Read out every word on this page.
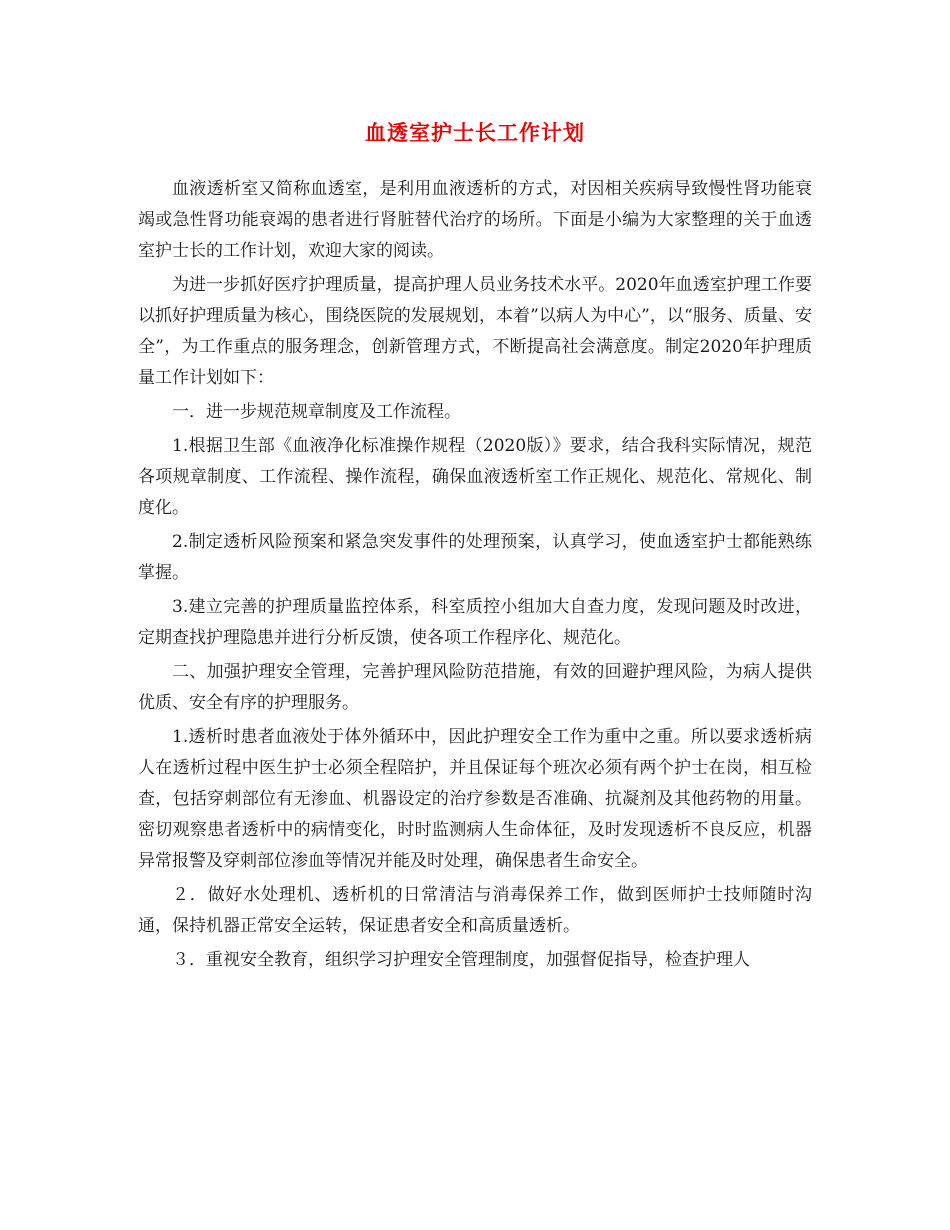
血透室护士长工作计划

血液透析室又简称血透室，是利用血液透析的方式，对因相关疾病导致慢性肾功能衰竭或急性肾功能衰竭的患者进行肾脏替代治疗的场所。下面是小编为大家整理的关于血透室护士长的工作计划，欢迎大家的阅读。

为进一步抓好医疗护理质量，提高护理人员业务技术水平。2020年血透室护理工作要以抓好护理质量为核心，围绕医院的发展规划，本着”以病人为中心”，以“服务、质量、安全”，为工作重点的服务理念，创新管理方式，不断提高社会满意度。制定2020年护理质量工作计划如下：

一．进一步规范规章制度及工作流程。

1.根据卫生部《血液净化标准操作规程（2020版）》要求，结合我科实际情况，规范各项规章制度、工作流程、操作流程，确保血液透析室工作正规化、规范化、常规化、制度化。

2.制定透析风险预案和紧急突发事件的处理预案，认真学习，使血透室护士都能熟练掌握。

3.建立完善的护理质量监控体系，科室质控小组加大自查力度，发现问题及时改进，定期查找护理隐患并进行分析反馈，使各项工作程序化、规范化。

二、加强护理安全管理，完善护理风险防范措施，有效的回避护理风险，为病人提供优质、安全有序的护理服务。

1.透析时患者血液处于体外循环中，因此护理安全工作为重中之重。所以要求透析病人在透析过程中医生护士必须全程陪护，并且保证每个班次必须有两个护士在岗，相互检查，包括穿刺部位有无渗血、机器设定的治疗参数是否准确、抗凝剂及其他药物的用量。密切观察患者透析中的病情变化，时时监测病人生命体征，及时发现透析不良反应，机器异常报警及穿刺部位渗血等情况并能及时处理，确保患者生命安全。

２．做好水处理机、透析机的日常清洁与消毒保养工作，做到医师护士技师随时沟通，保持机器正常安全运转，保证患者安全和高质量透析。

３．重视安全教育，组织学习护理安全管理制度，加强督促指导，检查护理人
